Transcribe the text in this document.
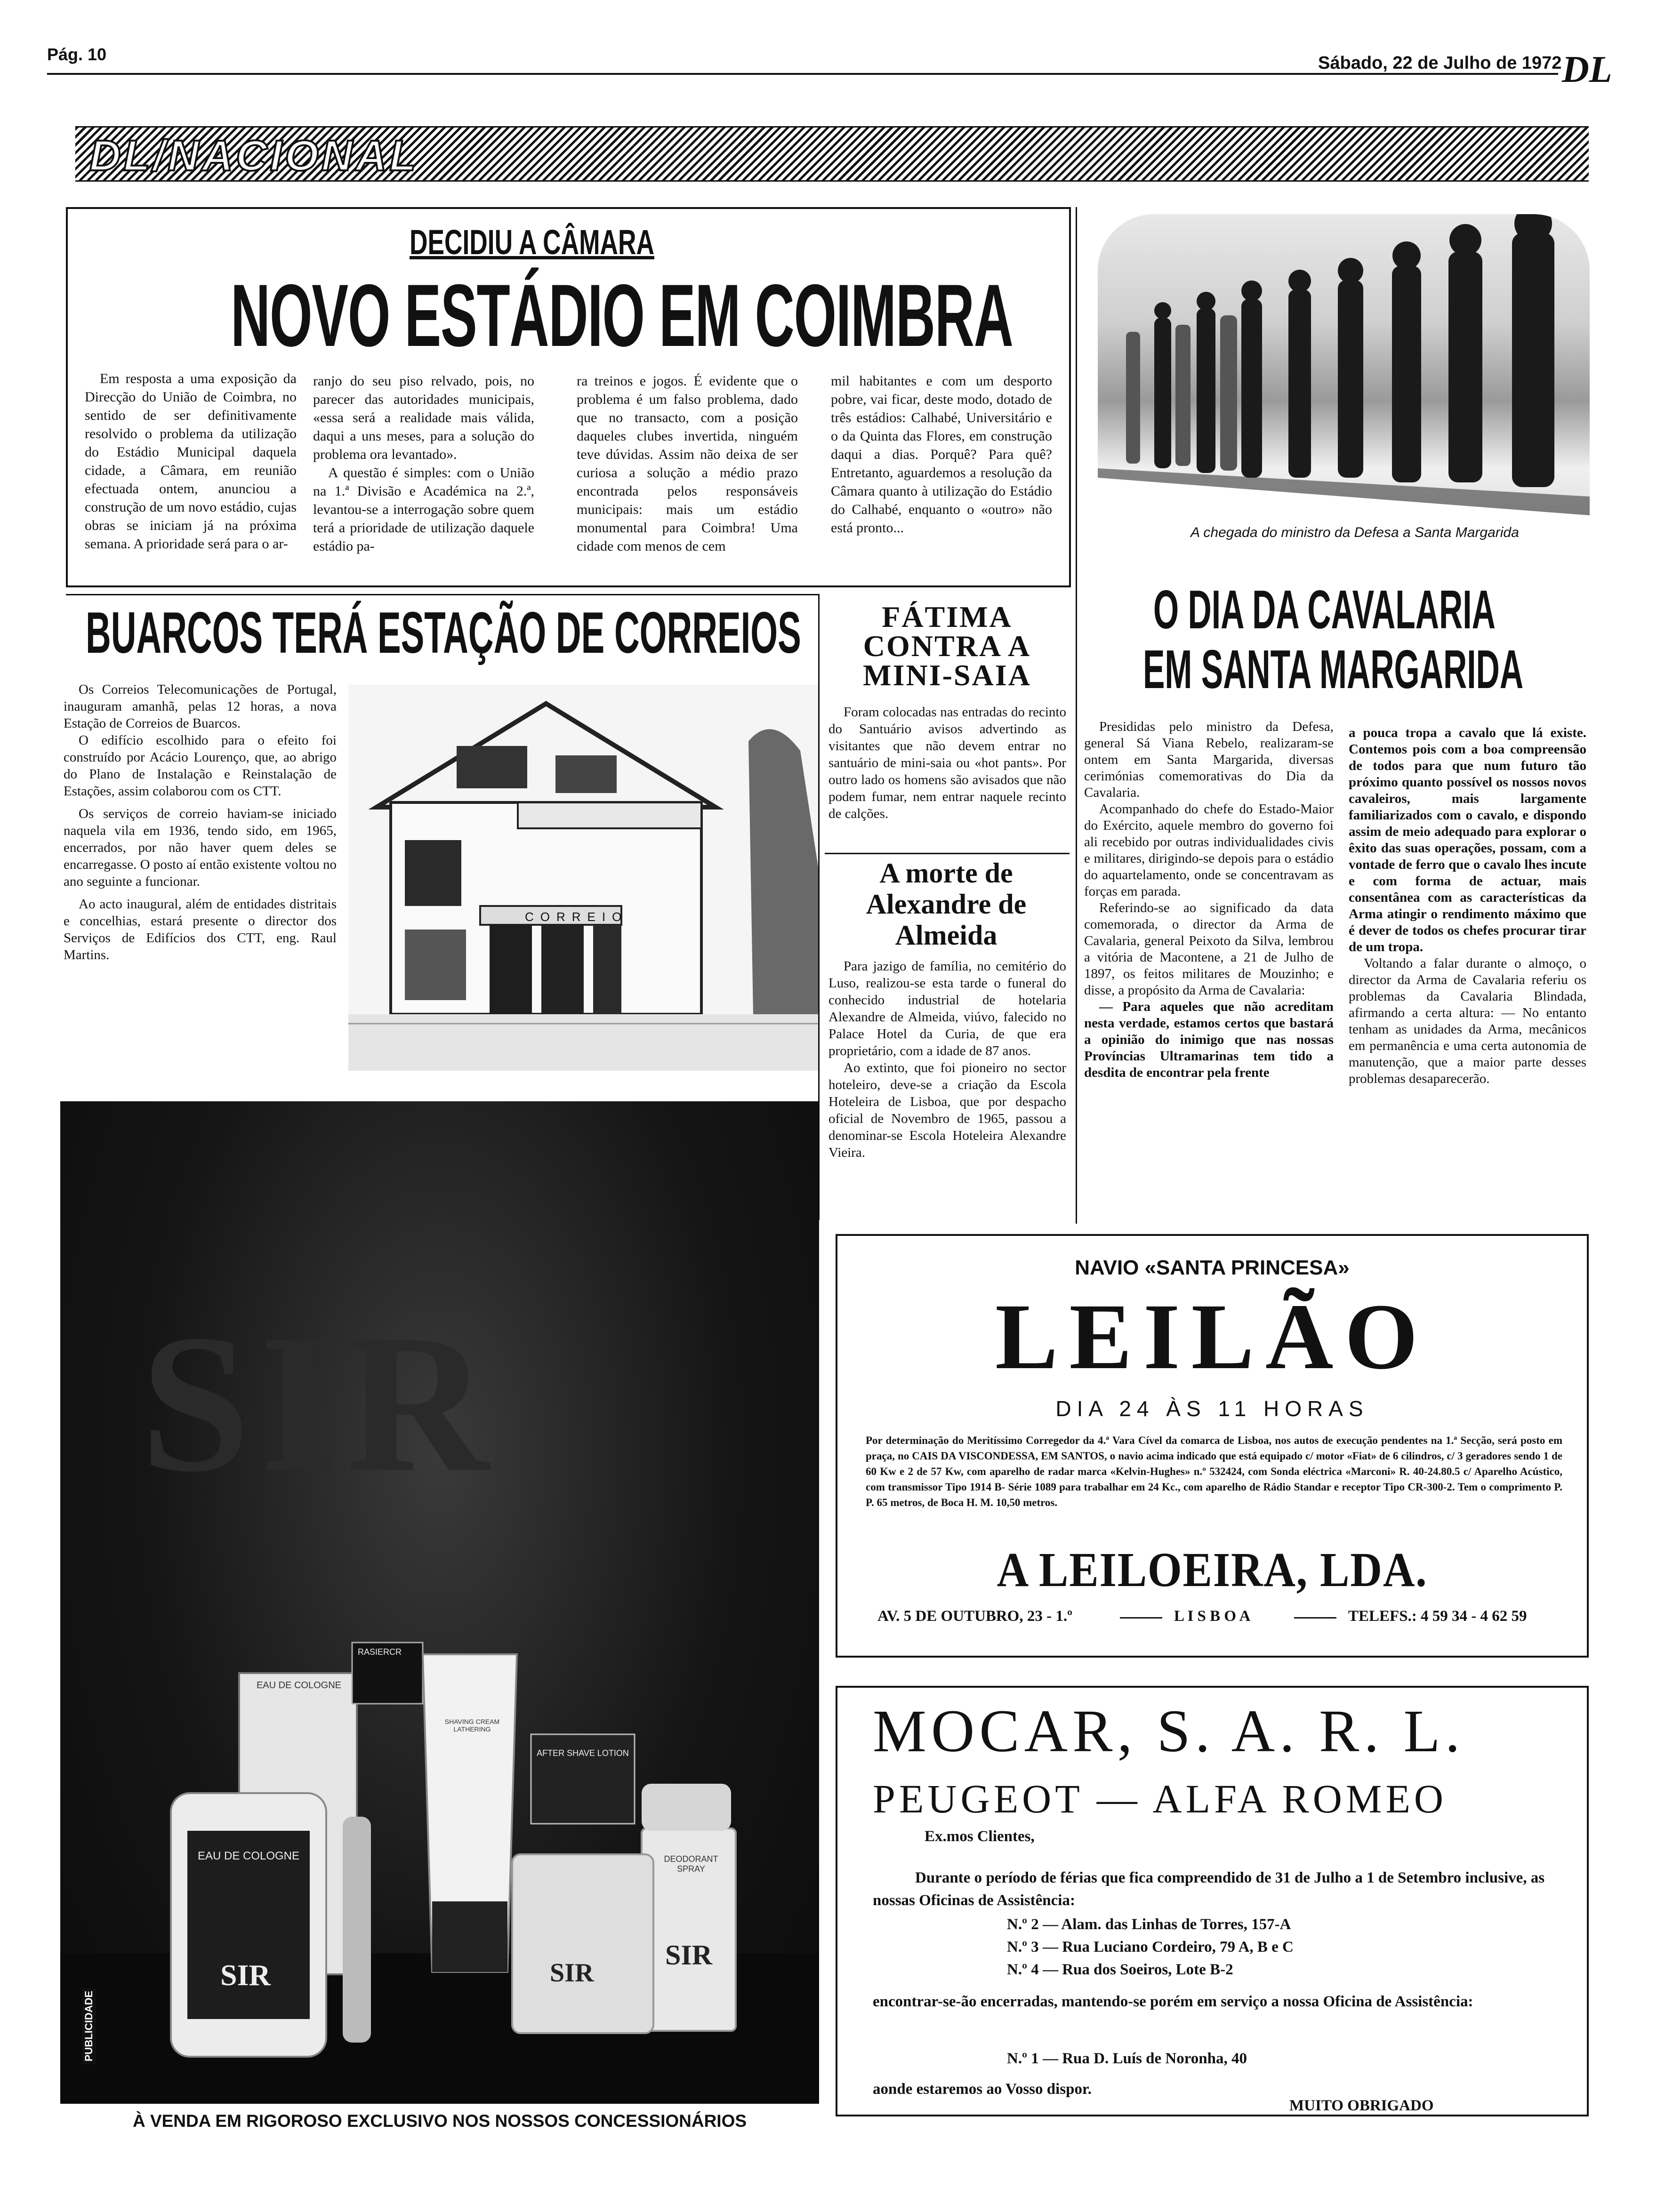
Pág. 10	Sábado, 22 de Julho de 1972 DL
DL/NACIONAL
DECIDIU A CÂMARA
NOVO ESTÁDIO EM COIMBRA

Em resposta a uma exposição da Direcção do União de Coimbra, no sentido de ser definitivamente resolvido o problema da utilização do Estádio Municipal daquela cidade, a Câmara, em reunião efectuada ontem, anunciou a construção de um novo estádio, cujas obras se iniciam já na próxima semana. A prioridade será para o ar-

ranjo do seu piso relvado, pois, no parecer das autoridades municipais, «essa será a realidade mais válida, daqui a uns meses, para a solução do problema ora levantado».

A questão é simples: com o União na 1.ª Divisão e Académica na 2.ª, levantou-se a interrogação sobre quem terá a prioridade de utilização daquele estádio pa-

ra treinos e jogos. É evidente que o problema é um falso problema, dado que no transacto, com a posição daqueles clubes invertida, ninguém teve dúvidas. Assim não deixa de ser curiosa a solução a médio prazo encontrada pelos responsáveis municipais: mais um estádio monumental para Coimbra! Uma cidade com menos de cem

mil habitantes e com um desporto pobre, vai ficar, deste modo, dotado de três estádios: Calhabé, Universitário e o da Quinta das Flores, em construção daqui a dias. Porquê? Para quê? Entretanto, aguardemos a resolução da Câmara quanto à utilização do Estádio do Calhabé, enquanto o «outro» não está pronto...	A chegada do ministro da Defesa a Santa Margarida
BUARCOS TERÁ ESTAÇÃO DE CORREIOS

Os Correios Telecomunicações de Portugal, inauguram amanhã, pelas 12 horas, a nova Estação de Correios de Buarcos.

O edifício escolhido para o efeito foi construído por Acácio Lourenço, que, ao abrigo do Plano de Instalação e Reinstalação de Estações, assim colaborou com os CTT.

Os serviços de correio haviam-se iniciado naquela vila em 1936, tendo sido, em 1965, encerrados, por não haver quem deles se encarregasse. O posto aí então existente voltou no ano seguinte a funcionar.

Ao acto inaugural, além de entidades distritais e concelhias, estará presente o director dos Serviços de Edifícios dos CTT, eng. Raul Martins.

CORREIO
FÁTIMA CONTRA A MINI-SAIA

Foram colocadas nas entradas do recinto do Santuário avisos advertindo as visitantes que não devem entrar no santuário de mini-saia ou «hot pants». Por outro lado os homens são avisados que não podem fumar, nem entrar naquele recinto de calções.

A morte de Alexandre de Almeida

Para jazigo de família, no cemitério do Luso, realizou-se esta tarde o funeral do conhecido industrial de hotelaria Alexandre de Almeida, viúvo, falecido no Palace Hotel da Curia, de que era proprietário, com a idade de 87 anos.

Ao extinto, que foi pioneiro no sector hoteleiro, deve-se a criação da Escola Hoteleira de Lisboa, que por despacho oficial de Novembro de 1965, passou a denominar-se Escola Hoteleira Alexandre Vieira.

O DIA DA CAVALARIA
EM SANTA MARGARIDA

Presididas pelo ministro da Defesa, general Sá Viana Rebelo, realizaram-se ontem em Santa Margarida, diversas cerimónias comemorativas do Dia da Cavalaria.

Acompanhado do chefe do Estado-Maior do Exército, aquele membro do governo foi ali recebido por outras individualidades civis e militares, dirigindo-se depois para o estádio do aquartelamento, onde se concentravam as forças em parada.

Referindo-se ao significado da data comemorada, o director da Arma de Cavalaria, general Peixoto da Silva, lembrou a vitória de Macontene, a 21 de Julho de 1897, os feitos militares de Mouzinho; e disse, a propósito da Arma de Cavalaria:

— Para aqueles que não acreditam nesta verdade, estamos certos que bastará a opinião do inimigo que nas nossas Províncias Ultramarinas tem tido a desdita de encontrar pela frente

a pouca tropa a cavalo que lá existe. Contemos pois com a boa compreensão de todos para que num futuro tão próximo quanto possível os nossos novos cavaleiros, mais largamente familiarizados com o cavalo, e dispondo assim de meio adequado para explorar o êxito das suas operações, possam, com a vontade de ferro que o cavalo lhes incute e com forma de actuar, mais consentânea com as características da Arma atingir o rendimento máximo que é dever de todos os chefes procurar tirar de um tropa.

Voltando a falar durante o almoço, o director da Arma de Cavalaria referiu os problemas da Cavalaria Blindada, afirmando a certa altura: — No entanto tenham as unidades da Arma, mecânicos em permanência e uma certa autonomia de manutenção, que a maior parte desses problemas desaparecerão.

SIR
EAU DE COLOGNE
RASIERCR
SHAVING CREAM LATHERING
AFTER SHAVE LOTION
EAU DE COLOGNE
SIR	SIR
DEODORANT SPRAY
SIR
PUBLICIDADE
À VENDA EM RIGOROSO EXCLUSIVO NOS NOSSOS CONCESSIONÁRIOS
NAVIO «SANTA PRINCESA»
LEILÃO
DIA 24 ÀS 11 HORAS
Por determinação do Meritíssimo Corregedor da 4.ª Vara Cível da comarca de Lisboa, nos autos de execução pendentes na 1.ª Secção, será posto em praça, no CAIS DA VISCONDESSA, EM SANTOS, o navio acima indicado que está equipado c/ motor «Fiat» de 6 cilindros, c/ 3 geradores sendo 1 de 60 Kw e 2 de 57 Kw, com aparelho de radar marca «Kelvin-Hughes» n.º 532424, com Sonda eléctrica «Marconi» R. 40-24.80.5 c/ Aparelho Acústico, com transmissor Tipo 1914 B- Série 1089 para trabalhar em 24 Kc., com aparelho de Rádio Standar e receptor Tipo CR-300-2. Tem o comprimento P. P. 65 metros, de Boca H. M. 10,50 metros.
A LEILOEIRA, LDA.
AV. 5 DE OUTUBRO, 23 - 1.º	L I S B O A	TELEFS.: 4 59 34 - 4 62 59
MOCAR, S. A. R. L.
PEUGEOT — ALFA ROMEO
Ex.mos Clientes,
Durante o período de férias que fica compreendido de 31 de Julho a 1 de Setembro inclusive, as nossas Oficinas de Assistência:
N.º 2 — Alam. das Linhas de Torres, 157-A
N.º 3 — Rua Luciano Cordeiro, 79 A, B e C
N.º 4 — Rua dos Soeiros, Lote B-2
encontrar-se-ão encerradas, mantendo-se porém em serviço a nossa Oficina de Assistência:
N.º 1 — Rua D. Luís de Noronha, 40
aonde estaremos ao Vosso dispor.
MUITO OBRIGADO
